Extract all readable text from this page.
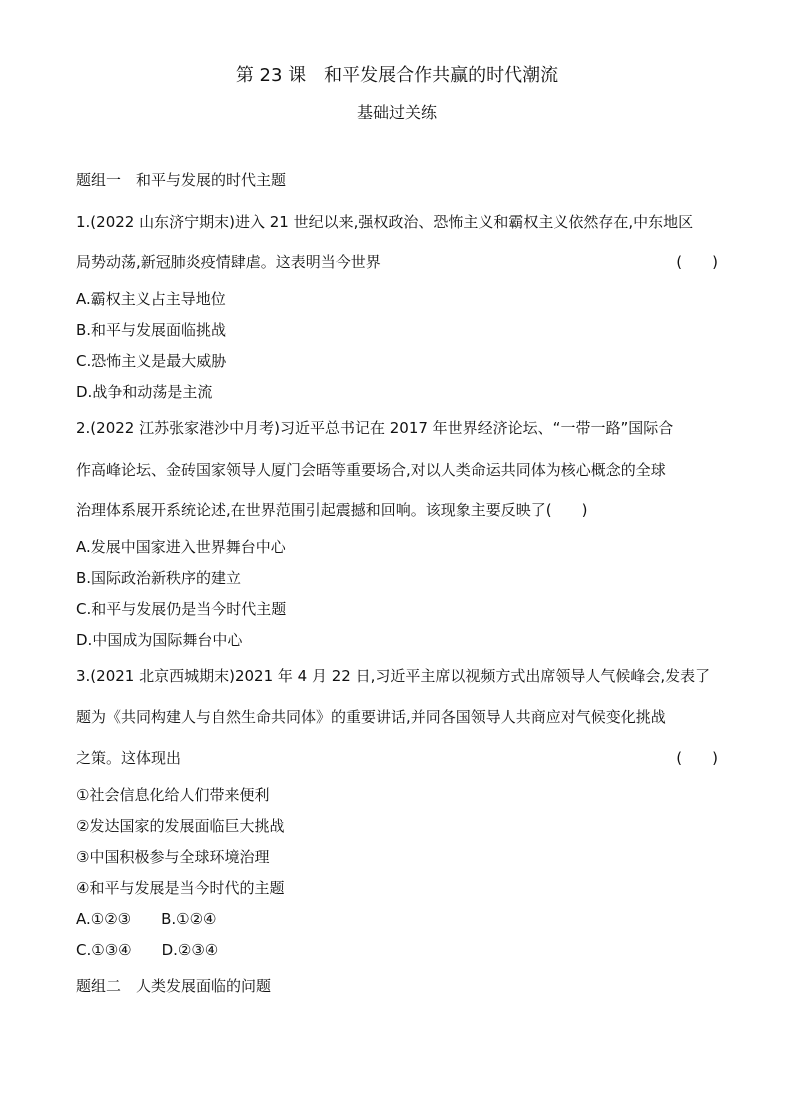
第 23 课　和平发展合作共赢的时代潮流
基础过关练
题组一　和平与发展的时代主题
1.(2022 山东济宁期末)进入 21 世纪以来,强权政治、恐怖主义和霸权主义依然存在,中东地区
局势动荡,新冠肺炎疫情肆虐。这表明当今世界	(　　)
A.霸权主义占主导地位
B.和平与发展面临挑战
C.恐怖主义是最大威胁
D.战争和动荡是主流
2.(2022 江苏张家港沙中月考)习近平总书记在 2017 年世界经济论坛、“一带一路”国际合
作高峰论坛、金砖国家领导人厦门会晤等重要场合,对以人类命运共同体为核心概念的全球
治理体系展开系统论述,在世界范围引起震撼和回响。该现象主要反映了(　　)
A.发展中国家进入世界舞台中心
B.国际政治新秩序的建立
C.和平与发展仍是当今时代主题
D.中国成为国际舞台中心
3.(2021 北京西城期末)2021 年 4 月 22 日,习近平主席以视频方式出席领导人气候峰会,发表了
题为《共同构建人与自然生命共同体》的重要讲话,并同各国领导人共商应对气候变化挑战
之策。这体现出	(　　)
①社会信息化给人们带来便利
②发达国家的发展面临巨大挑战
③中国积极参与全球环境治理
④和平与发展是当今时代的主题
A.①②③　　B.①②④
C.①③④　　D.②③④
题组二　人类发展面临的问题
